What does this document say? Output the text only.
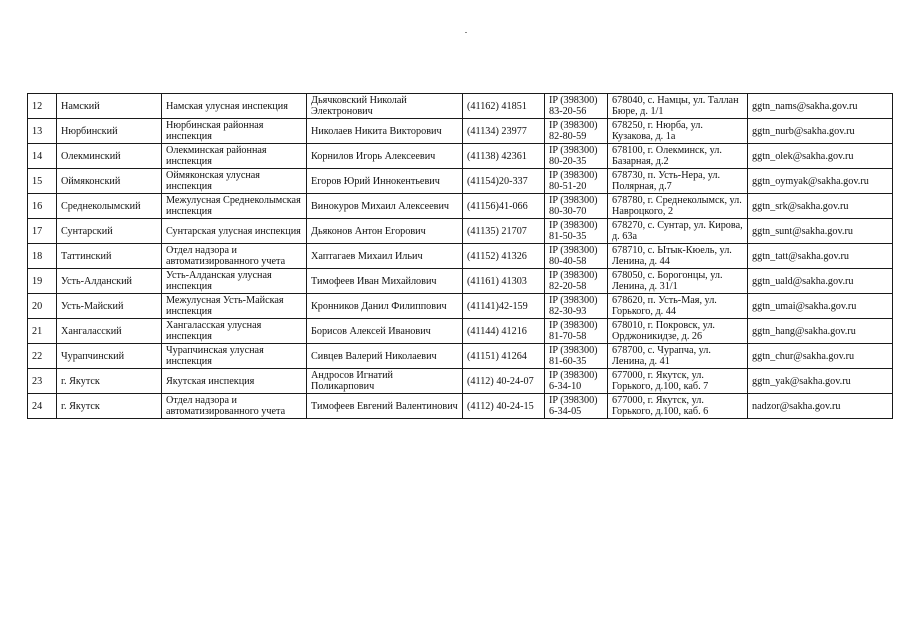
12	Намский	Намская улусная инспекция	Дьячковский Николай Электронович	(41162) 41851	IP (398300) 83-20-56	678040, с. Намцы, ул. Таллан Бюре, д. 1/1	ggtn_nams@sakha.gov.ru
13	Нюрбинский	Нюрбинская районная инспекция	Николаев Никита Викторович	(41134) 23977	IP (398300) 82-80-59	678250, г. Нюрба, ул. Кузакова, д. 1а	ggtn_nurb@sakha.gov.ru
14	Олекминский	Олекминская районная инспекция	Корнилов Игорь Алексеевич	(41138) 42361	IP (398300) 80-20-35	678100, г. Олекминск, ул. Базарная, д.2	ggtn_olek@sakha.gov.ru
15	Оймяконский	Оймяконская улусная инспекция	Егоров Юрий Иннокентьевич	(41154)20-337	IP (398300) 80-51-20	678730, п. Усть-Нера, ул. Полярная, д.7	ggtn_oymyak@sakha.gov.ru
16	Среднеколымский	Межулусная Среднеколымская инспекция	Винокуров Михаил Алексеевич	(41156)41-066	IP (398300) 80-30-70	678780, г. Среднеколымск, ул. Навроцкого, 2	ggtn_srk@sakha.gov.ru
17	Сунтарский	Сунтарская улусная инспекция	Дьяконов Антон Егорович	(41135) 21707	IP (398300) 81-50-35	678270, с. Сунтар, ул. Кирова, д. 63а	ggtn_sunt@sakha.gov.ru
18	Таттинский	Отдел надзора и автоматизированного учета	Хаптагаев Михаил Ильич	(41152) 41326	IP (398300) 80-40-58	678710, с. Ытык-Кюель, ул. Ленина, д. 44	ggtn_tatt@sakha.gov.ru
19	Усть-Алданский	Усть-Алданская улусная инспекция	Тимофеев Иван Михайлович	(41161) 41303	IP (398300) 82-20-58	678050, с. Борогонцы, ул. Ленина, д. 31/1	ggtn_uald@sakha.gov.ru
20	Усть-Майский	Межулусная Усть-Майская инспекция	Кронников Данил Филиппович	(41141)42-159	IP (398300) 82-30-93	678620, п. Усть-Мая, ул. Горького, д. 44	ggtn_umai@sakha.gov.ru
21	Хангаласский	Хангаласская улусная инспекция	Борисов Алексей Иванович	(41144) 41216	IP (398300) 81-70-58	678010, г. Покровск, ул. Орджоникидзе, д. 26	ggtn_hang@sakha.gov.ru
22	Чурапчинский	Чурапчинская улусная инспекция	Сивцев Валерий Николаевич	(41151) 41264	IP (398300) 81-60-35	678700, с. Чурапча, ул. Ленина, д. 41	ggtn_chur@sakha.gov.ru
23	г. Якутск	Якутская инспекция	Андросов Игнатий Поликарпович	(4112) 40-24-07	IP (398300) 6-34-10	677000, г. Якутск, ул. Горького, д.100, каб. 7	ggtn_yak@sakha.gov.ru
24	г. Якутск	Отдел надзора и автоматизированного учета	Тимофеев Евгений Валентинович	(4112) 40-24-15	IP (398300) 6-34-05	677000, г. Якутск, ул. Горького, д.100, каб. 6	nadzor@sakha.gov.ru
